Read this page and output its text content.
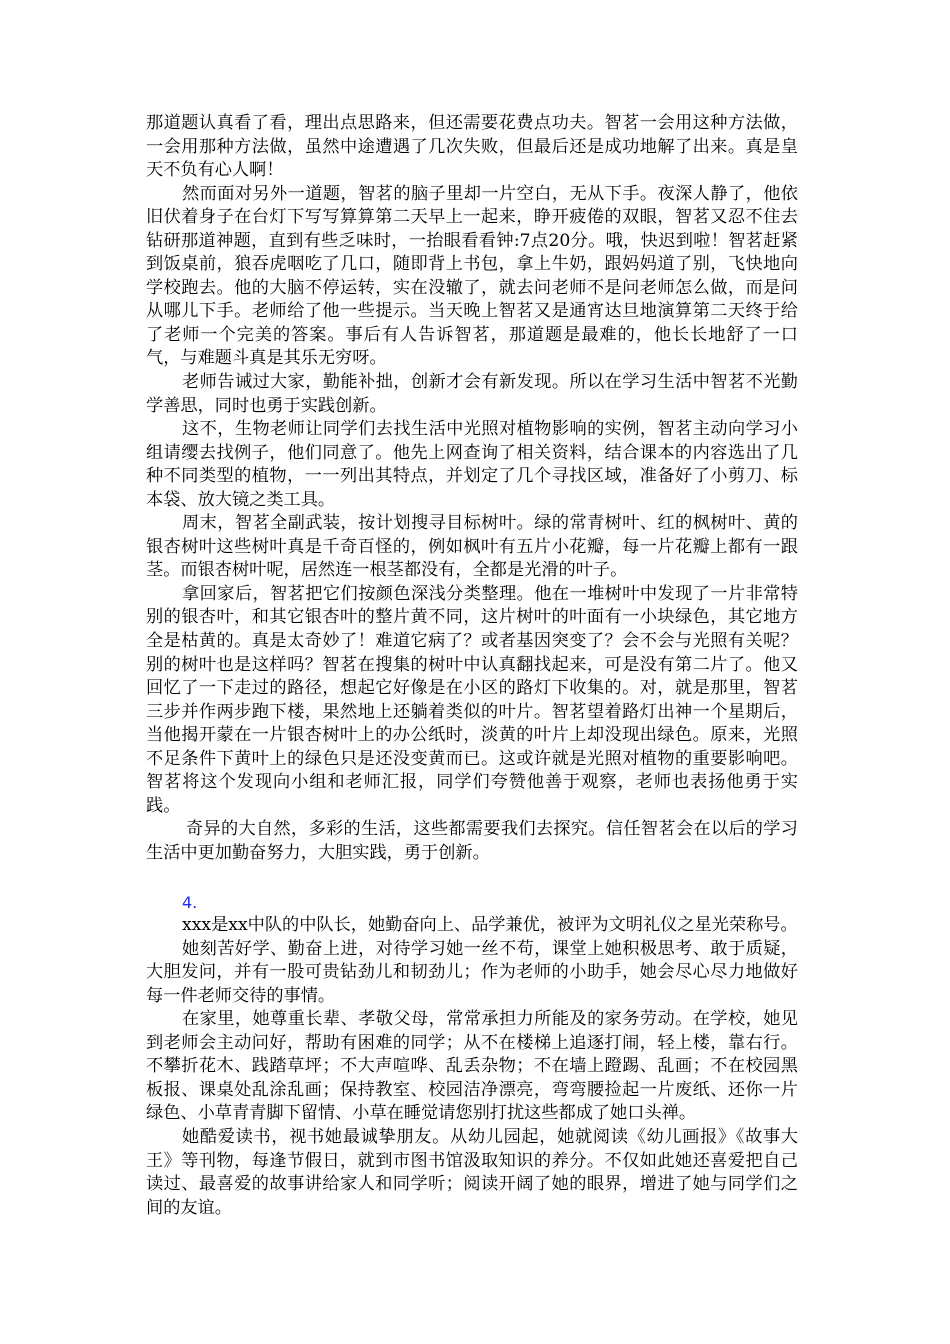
那道题认真看了看，理出点思路来，但还需要花费点功夫。智茗一会用这种方法做，一会用那种方法做，虽然中途遭遇了几次失败，但最后还是成功地解了出来。真是皇天不负有心人啊！

然而面对另外一道题，智茗的脑子里却一片空白，无从下手。夜深人静了，他依旧伏着身子在台灯下写写算算第二天早上一起来，睁开疲倦的双眼，智茗又忍不住去钻研那道神题，直到有些乏味时，一抬眼看看钟:7点20分。哦，快迟到啦！智茗赶紧到饭桌前，狼吞虎咽吃了几口，随即背上书包，拿上牛奶，跟妈妈道了别，飞快地向学校跑去。他的大脑不停运转，实在没辙了，就去问老师不是问老师怎么做，而是问从哪儿下手。老师给了他一些提示。当天晚上智茗又是通宵达旦地演算第二天终于给了老师一个完美的答案。事后有人告诉智茗，那道题是最难的，他长长地舒了一口气，与难题斗真是其乐无穷呀。

老师告诫过大家，勤能补拙，创新才会有新发现。所以在学习生活中智茗不光勤学善思，同时也勇于实践创新。

这不，生物老师让同学们去找生活中光照对植物影响的实例，智茗主动向学习小组请缨去找例子，他们同意了。他先上网查询了相关资料，结合课本的内容选出了几种不同类型的植物，一一列出其特点，并划定了几个寻找区域，准备好了小剪刀、标本袋、放大镜之类工具。

周末，智茗全副武装，按计划搜寻目标树叶。绿的常青树叶、红的枫树叶、黄的银杏树叶这些树叶真是千奇百怪的，例如枫叶有五片小花瓣，每一片花瓣上都有一跟茎。而银杏树叶呢，居然连一根茎都没有，全都是光滑的叶子。

拿回家后，智茗把它们按颜色深浅分类整理。他在一堆树叶中发现了一片非常特别的银杏叶，和其它银杏叶的整片黄不同，这片树叶的叶面有一小块绿色，其它地方全是枯黄的。真是太奇妙了！难道它病了？或者基因突变了？会不会与光照有关呢？别的树叶也是这样吗？智茗在搜集的树叶中认真翻找起来，可是没有第二片了。他又回忆了一下走过的路径，想起它好像是在小区的路灯下收集的。对，就是那里，智茗三步并作两步跑下楼，果然地上还躺着类似的叶片。智茗望着路灯出神一个星期后，当他揭开蒙在一片银杏树叶上的办公纸时，淡黄的叶片上却没现出绿色。原来，光照不足条件下黄叶上的绿色只是还没变黄而已。这或许就是光照对植物的重要影响吧。智茗将这个发现向小组和老师汇报，同学们夸赞他善于观察，老师也表扬他勇于实践。

奇异的大自然，多彩的生活，这些都需要我们去探究。信任智茗会在以后的学习生活中更加勤奋努力，大胆实践，勇于创新。

4.

xxx是xx中队的中队长，她勤奋向上、品学兼优，被评为文明礼仪之星光荣称号。

她刻苦好学、勤奋上进，对待学习她一丝不苟，课堂上她积极思考、敢于质疑，大胆发问，并有一股可贵钻劲儿和韧劲儿；作为老师的小助手，她会尽心尽力地做好每一件老师交待的事情。

在家里，她尊重长辈、孝敬父母，常常承担力所能及的家务劳动。在学校，她见到老师会主动问好，帮助有困难的同学；从不在楼梯上追逐打闹，轻上楼，靠右行。不攀折花木、践踏草坪；不大声喧哗、乱丢杂物；不在墙上蹬踢、乱画；不在校园黑板报、课桌处乱涂乱画；保持教室、校园洁净漂亮，弯弯腰捡起一片废纸、还你一片绿色、小草青青脚下留情、小草在睡觉请您别打扰这些都成了她口头禅。

她酷爱读书，视书她最诚挚朋友。从幼儿园起，她就阅读《幼儿画报》《故事大王》等刊物，每逢节假日，就到市图书馆汲取知识的养分。不仅如此她还喜爱把自己读过、最喜爱的故事讲给家人和同学听；阅读开阔了她的眼界，增进了她与同学们之间的友谊。
